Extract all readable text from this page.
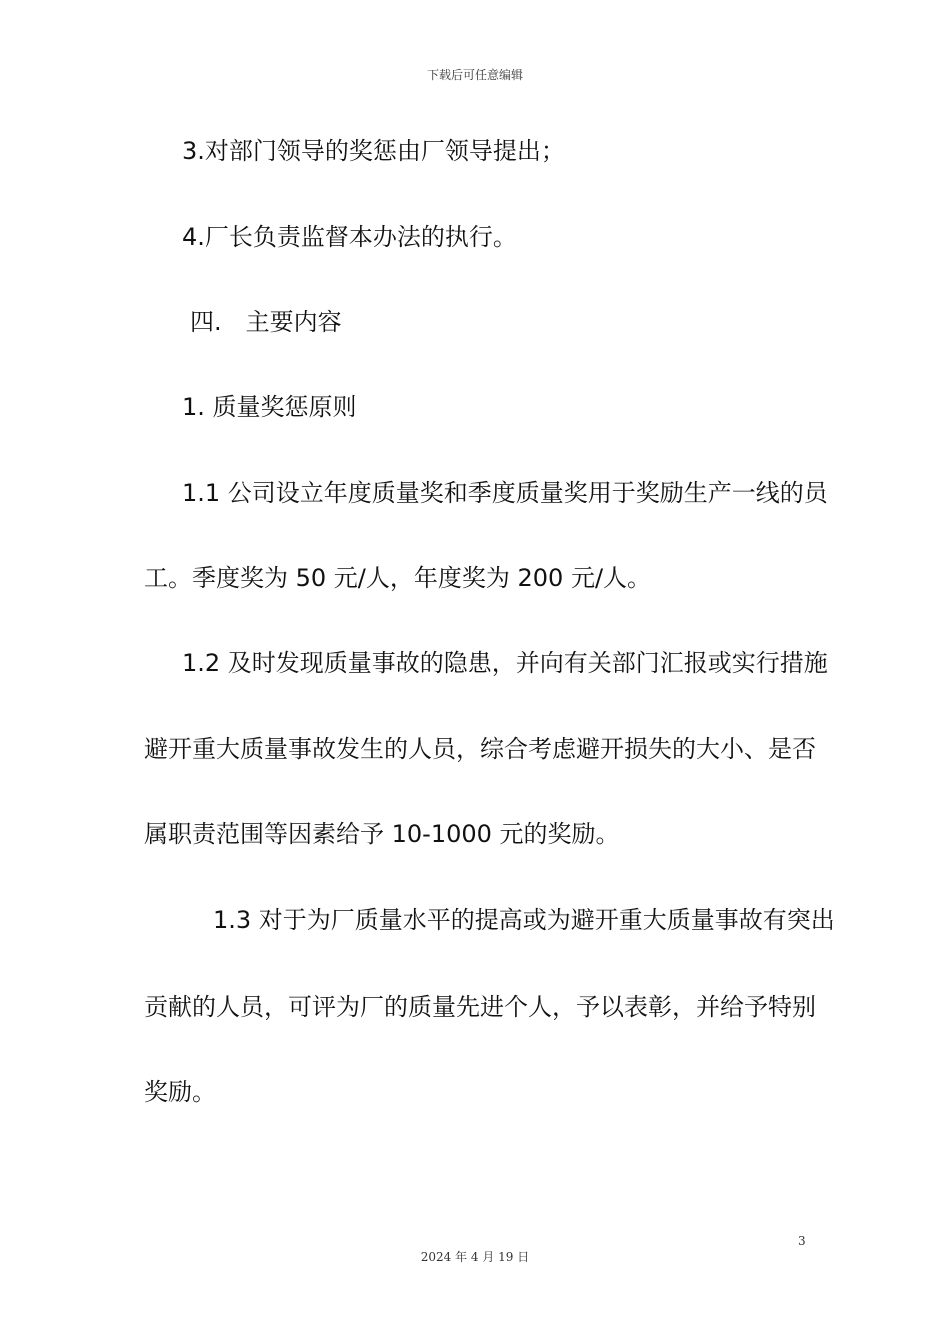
下载后可任意编辑
3.对部门领导的奖惩由厂领导提出；
4.厂长负责监督本办法的执行。
四.　主要内容
1. 质量奖惩原则
1.1 公司设立年度质量奖和季度质量奖用于奖励生产一线的员
工。季度奖为 50 元/人，年度奖为 200 元/人。
1.2 及时发现质量事故的隐患，并向有关部门汇报或实行措施
避开重大质量事故发生的人员，综合考虑避开损失的大小、是否
属职责范围等因素给予 10-1000 元的奖励。
1.3 对于为厂质量水平的提高或为避开重大质量事故有突出
贡献的人员，可评为厂的质量先进个人，予以表彰，并给予特别
奖励。
3
2024 年 4 月 19 日
